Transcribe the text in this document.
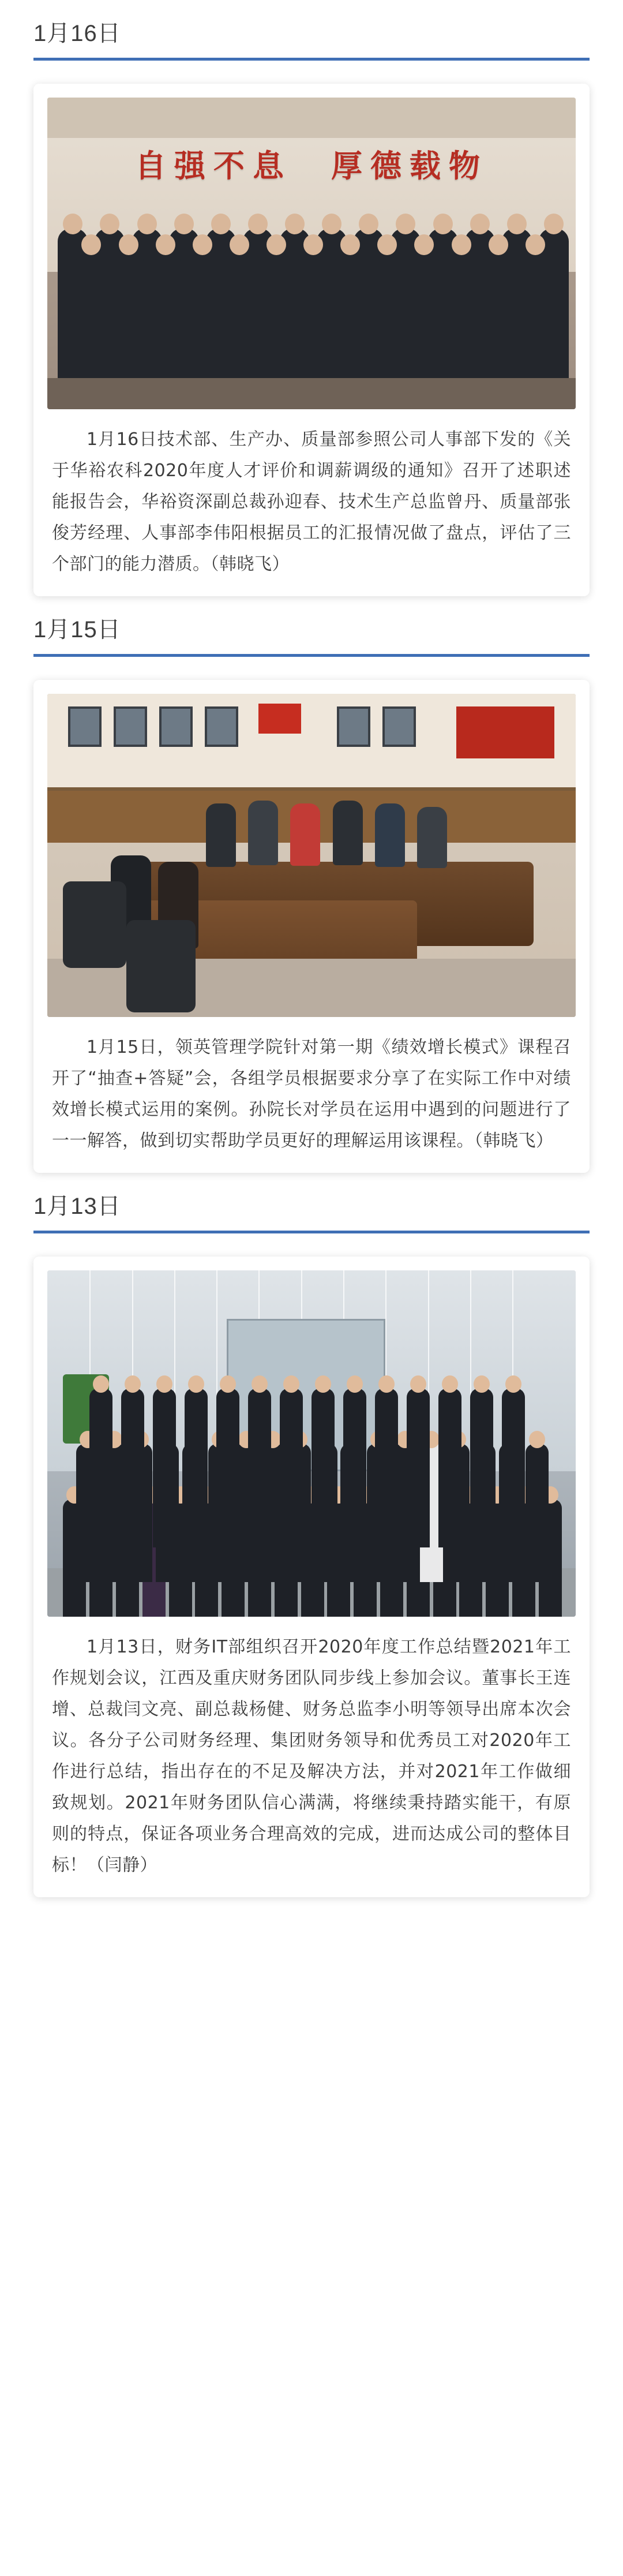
1月16日
自强不息　厚德载物
1月16日技术部、生产办、质量部参照公司人事部下发的《关于华裕农科2020年度人才评价和调薪调级的通知》召开了述职述能报告会，华裕资深副总裁孙迎春、技术生产总监曾丹、质量部张俊芳经理、人事部李伟阳根据员工的汇报情况做了盘点，评估了三个部门的能力潜质。（韩晓飞）
1月15日
1月15日，领英管理学院针对第一期《绩效增长模式》课程召开了“抽查+答疑”会，各组学员根据要求分享了在实际工作中对绩效增长模式运用的案例。孙院长对学员在运用中遇到的问题进行了一一解答，做到切实帮助学员更好的理解运用该课程。（韩晓飞）
1月13日
1月13日，财务IT部组织召开2020年度工作总结暨2021年工作规划会议，江西及重庆财务团队同步线上参加会议。董事长王连增、总裁闫文亮、副总裁杨健、财务总监李小明等领导出席本次会议。各分子公司财务经理、集团财务领导和优秀员工对2020年工作进行总结，指出存在的不足及解决方法，并对2021年工作做细致规划。2021年财务团队信心满满，将继续秉持踏实能干，有原则的特点，保证各项业务合理高效的完成，进而达成公司的整体目标！（闫静）
